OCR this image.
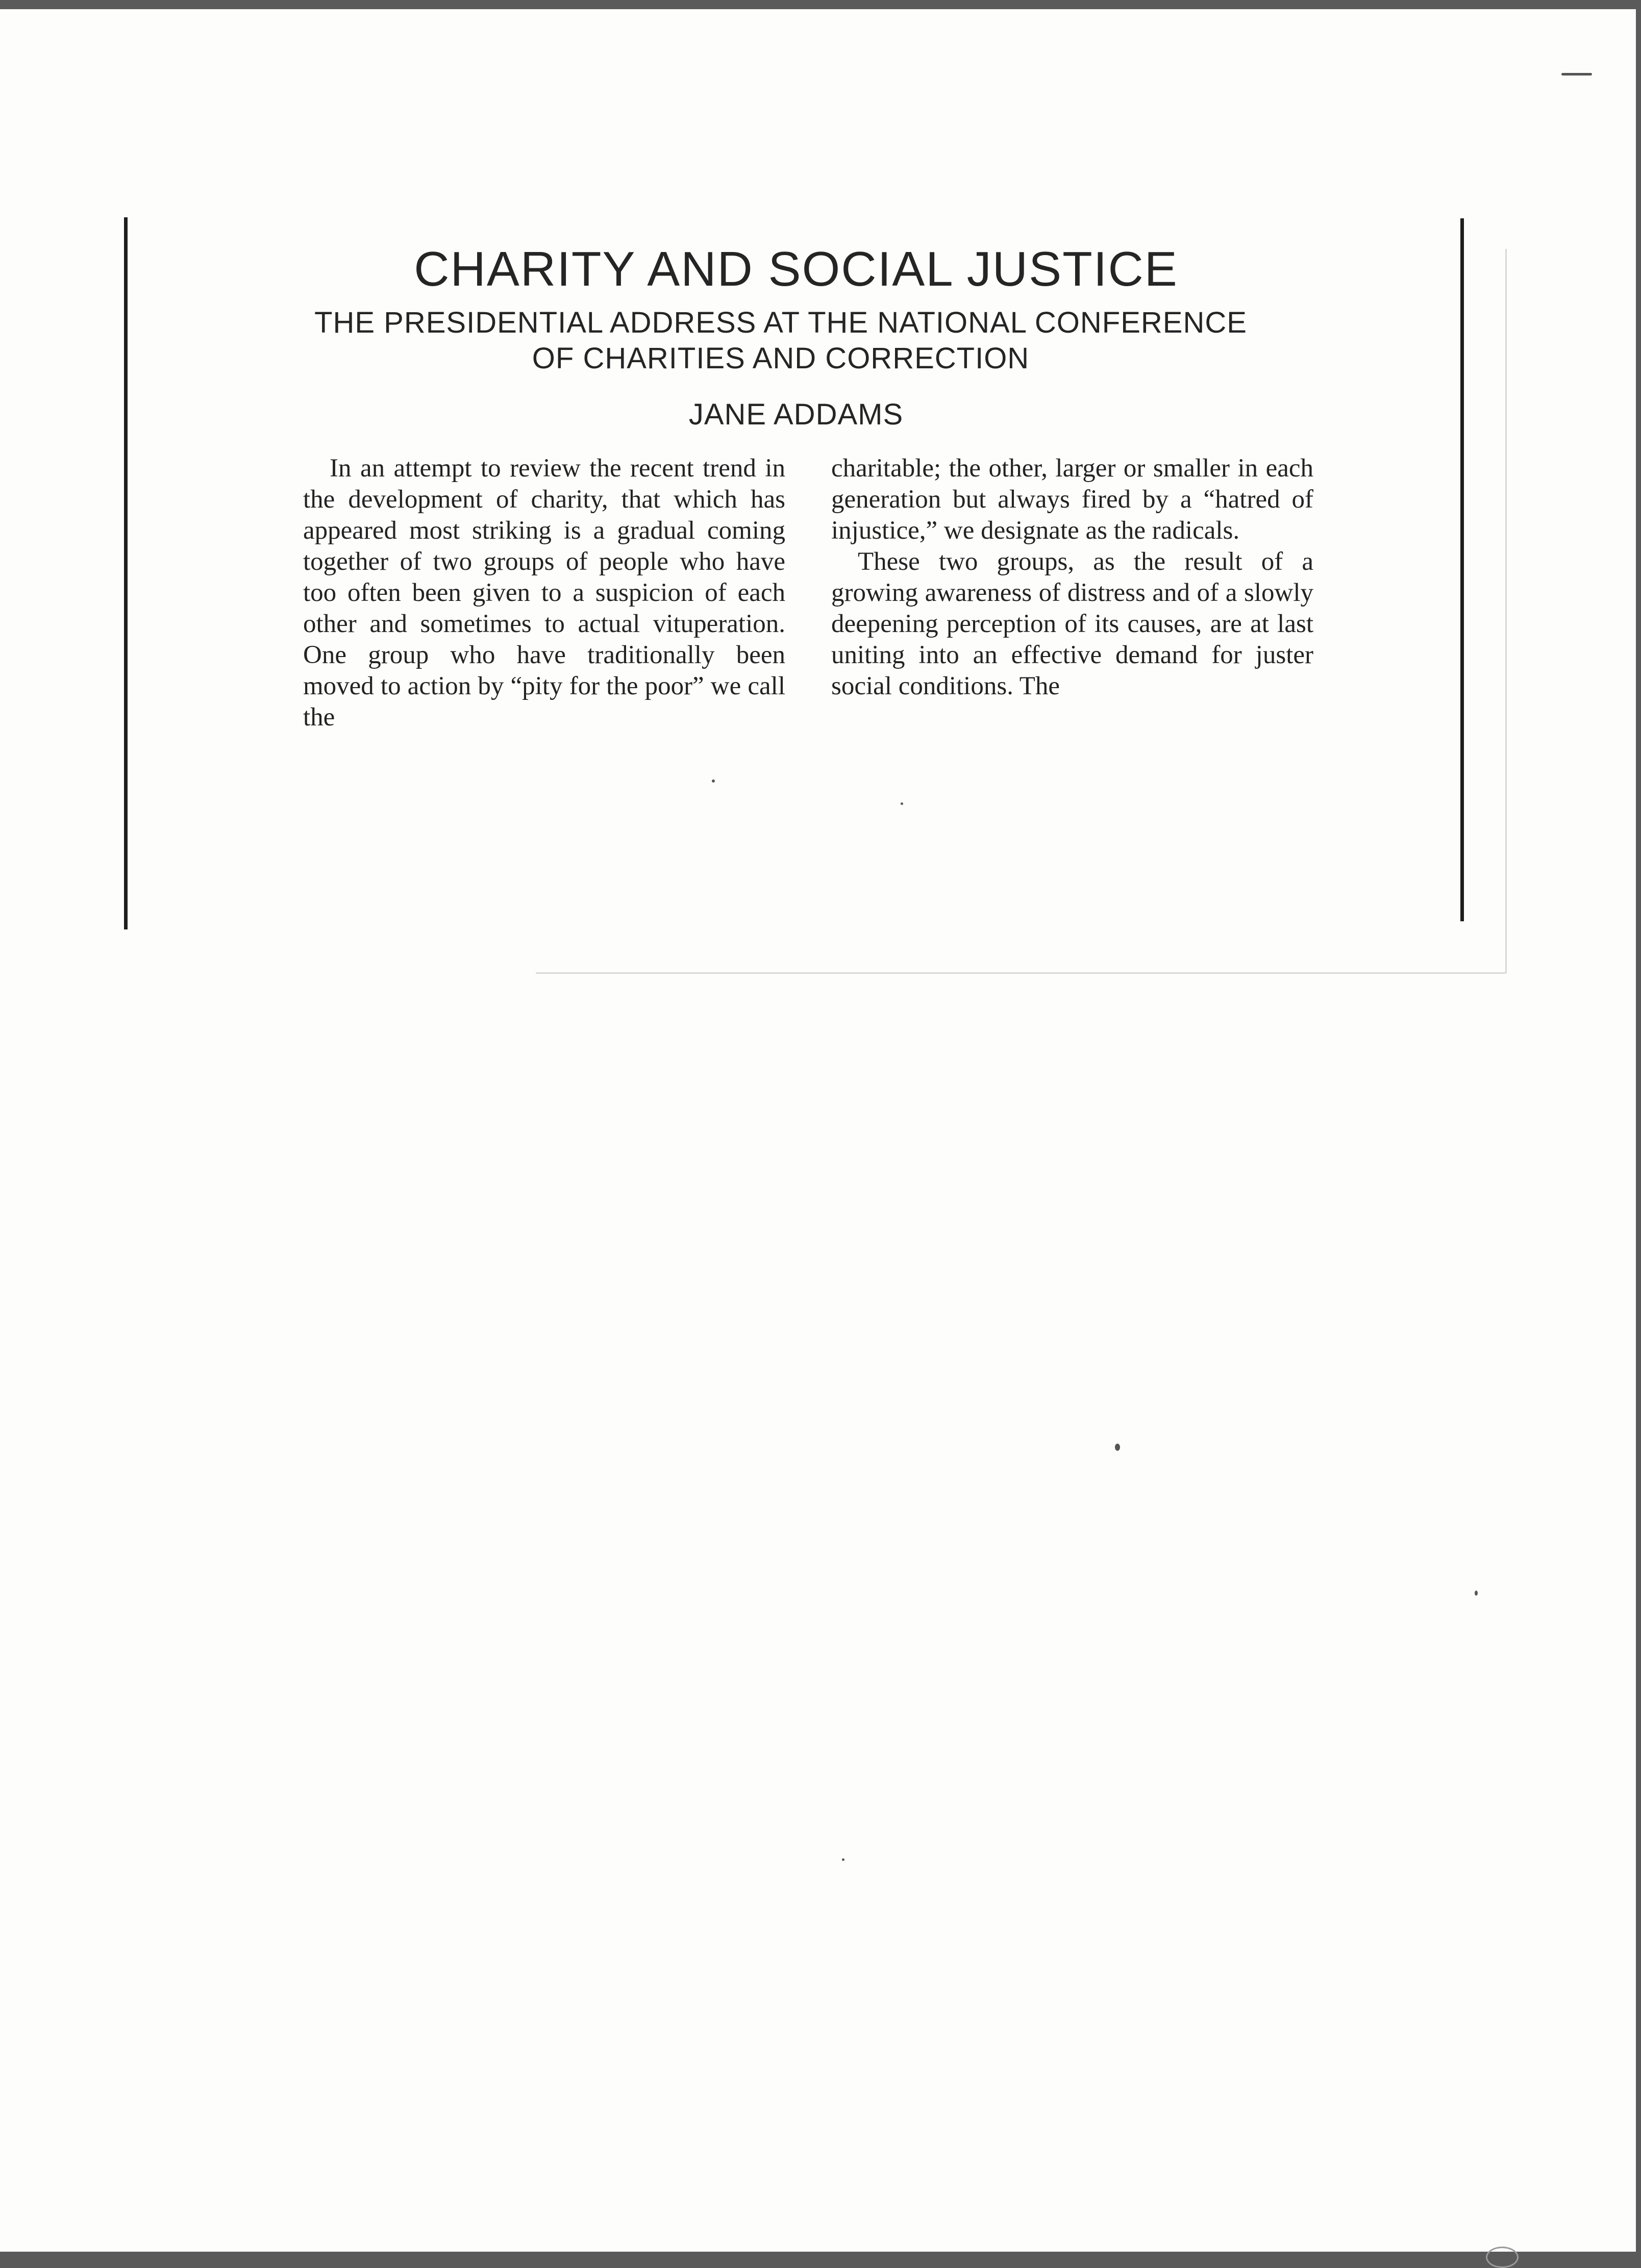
CHARITY AND SOCIAL JUSTICE
THE PRESIDENTIAL ADDRESS AT THE NATIONAL CONFERENCE
OF CHARITIES AND CORRECTION
JANE ADDAMS

In an attempt to review the recent trend in the development of charity, that which has appeared most striking is a gradual coming together of two groups of people who have too often been given to a suspicion of each other and sometimes to actual vituperation. One group who have traditionally been moved to action by “pity for the poor” we call the

charitable; the other, larger or smaller in each generation but always fired by a “hatred of injustice,” we designate as the radicals.

These two groups, as the result of a growing awareness of distress and of a slowly deepening perception of its causes, are at last uniting into an effective demand for juster social conditions. The
